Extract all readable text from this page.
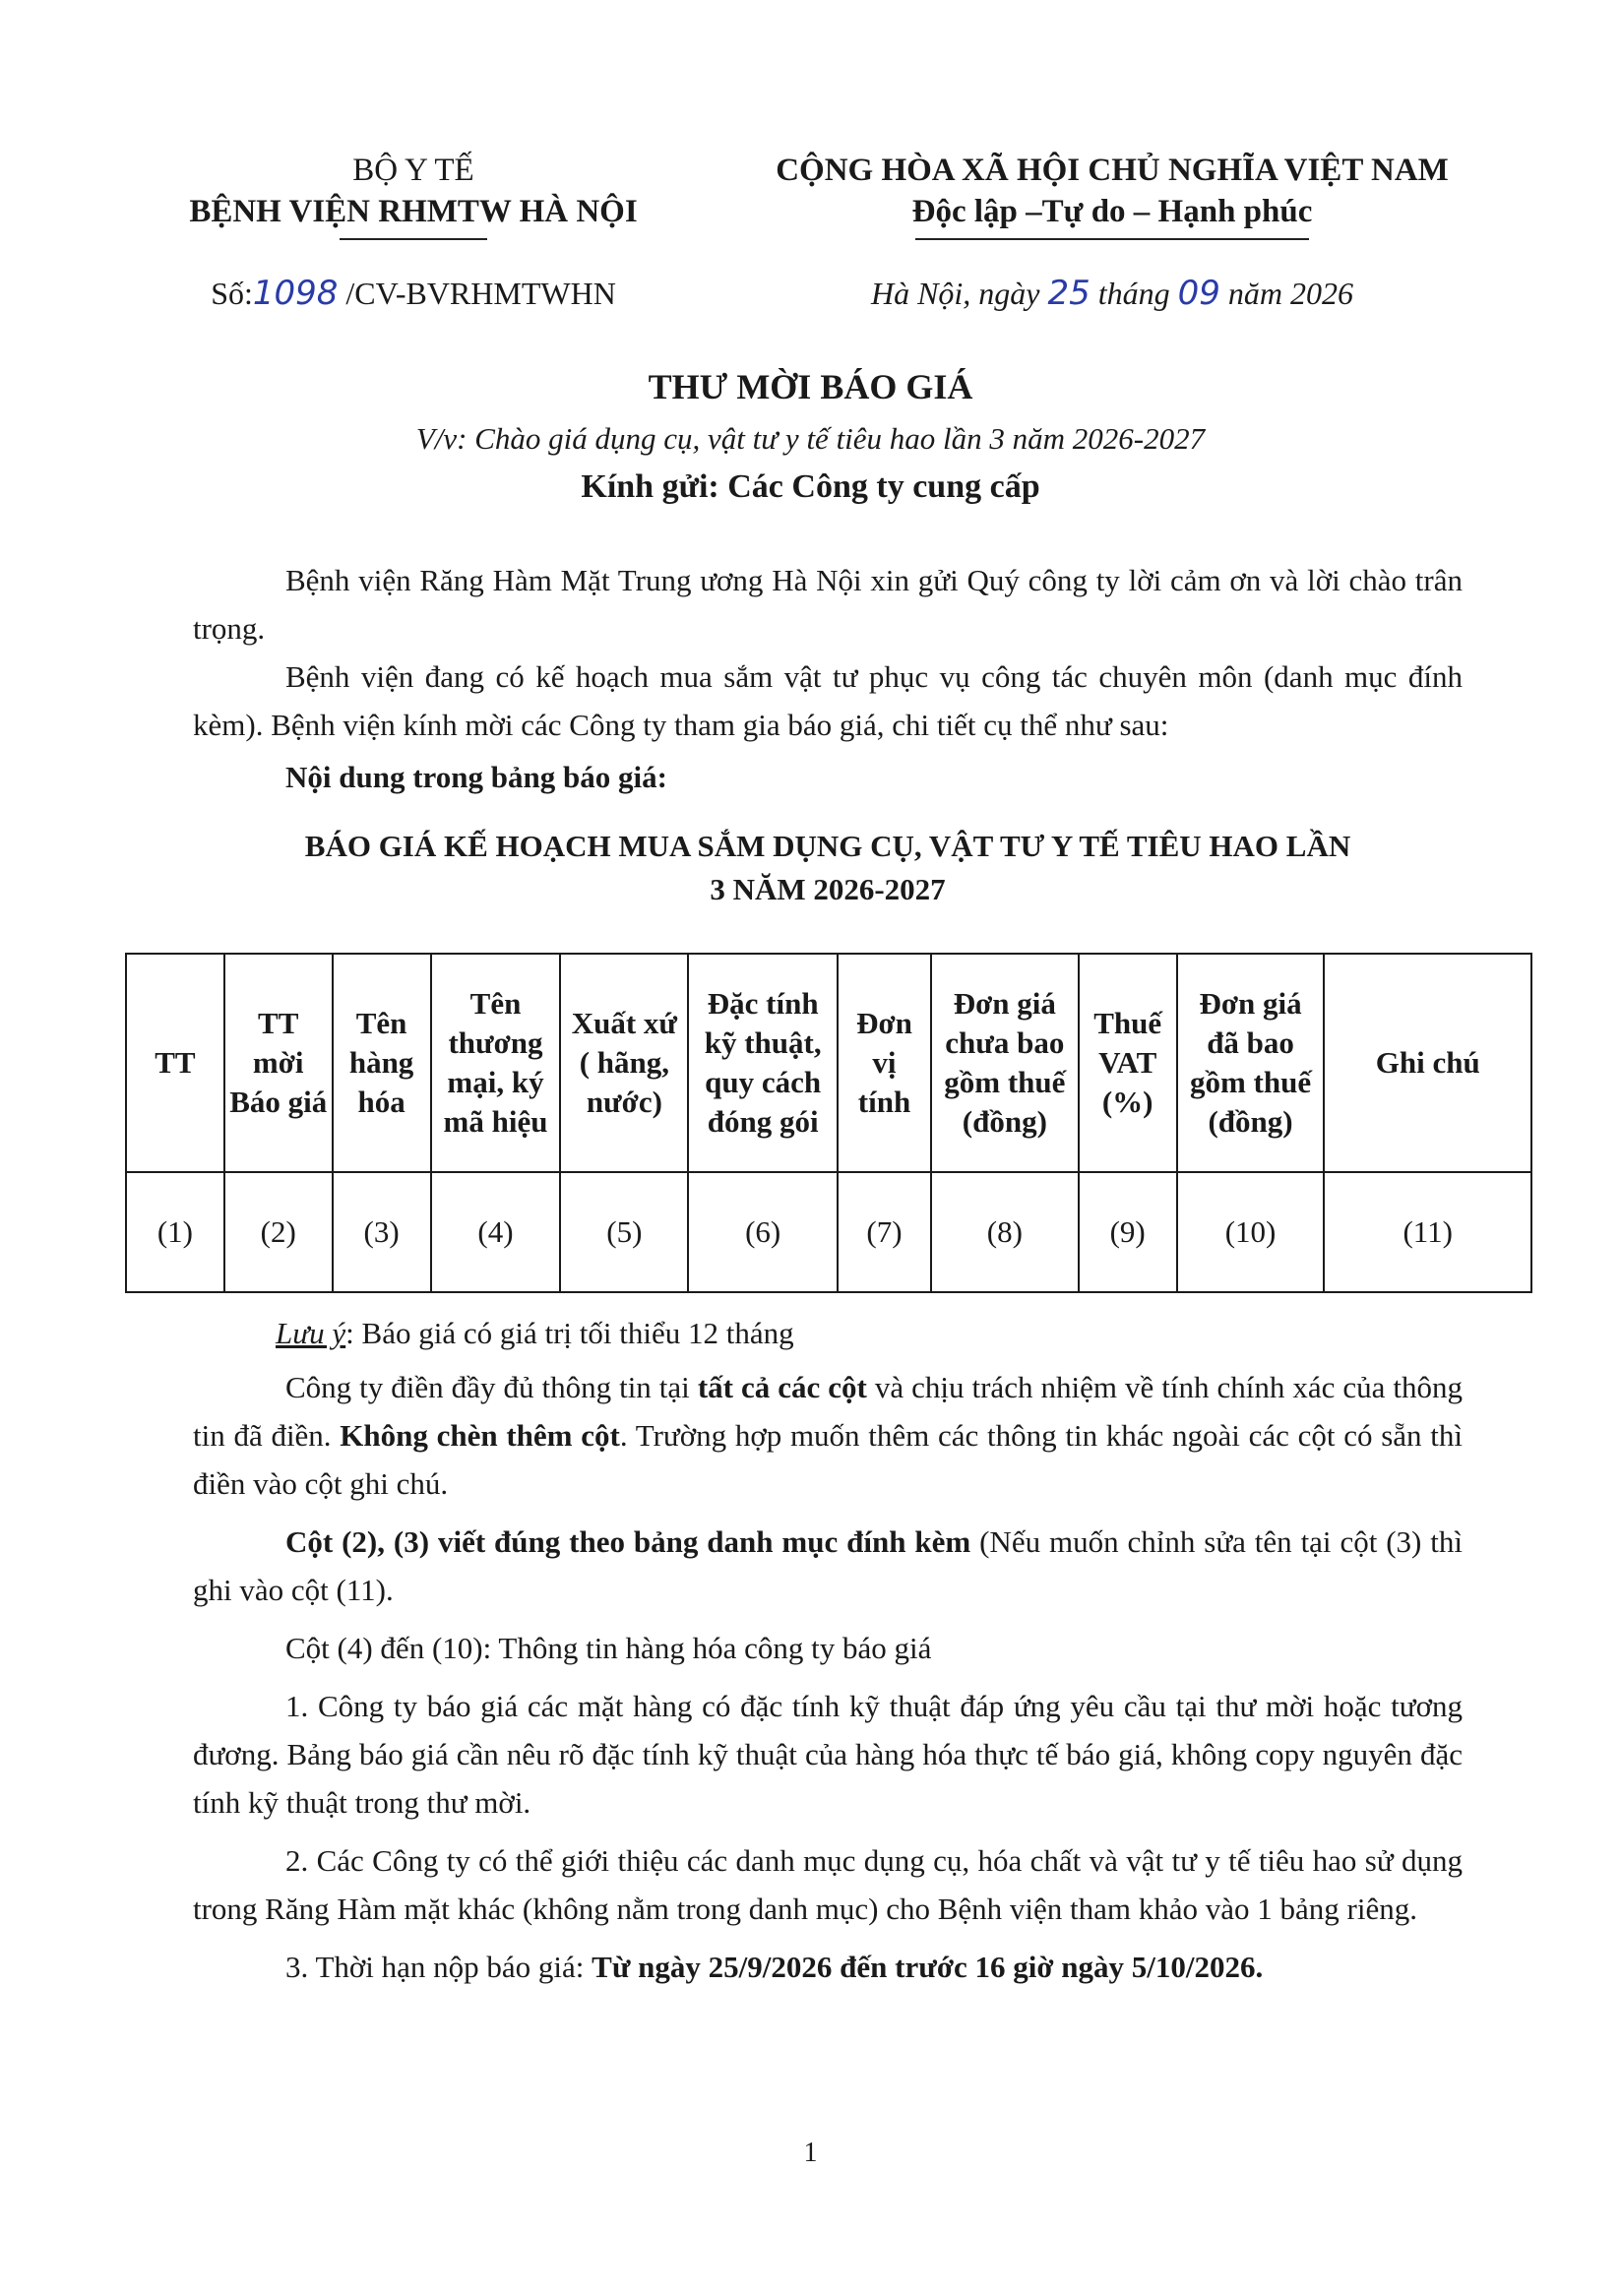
BỘ Y TẾ
BỆNH VIỆN RHMTW HÀ NỘI
CỘNG HÒA XÃ HỘI CHỦ NGHĨA VIỆT NAM
Độc lập –Tự do – Hạnh phúc
Số:1098 /CV-BVRHMTWHN	Hà Nội, ngày 25 tháng 09 năm 2026
THƯ MỜI BÁO GIÁ
V/v: Chào giá dụng cụ, vật tư y tế tiêu hao lần 3 năm 2026-2027
Kính gửi: Các Công ty cung cấp

Bệnh viện Răng Hàm Mặt Trung ương Hà Nội xin gửi Quý công ty lời cảm ơn và lời chào trân trọng.

Bệnh viện đang có kế hoạch mua sắm vật tư phục vụ công tác chuyên môn (danh mục đính kèm). Bệnh viện kính mời các Công ty tham gia báo giá, chi tiết cụ thể như sau:

Nội dung trong bảng báo giá:

BÁO GIÁ KẾ HOẠCH MUA SẮM DỤNG CỤ, VẬT TƯ Y TẾ TIÊU HAO LẦN
3 NĂM 2026-2027
TT	TT mời Báo giá	Tên hàng hóa	Tên thương mại, ký mã hiệu	Xuất xứ ( hãng, nước)	Đặc tính kỹ thuật, quy cách đóng gói	Đơn vị tính	Đơn giá chưa bao gồm thuế (đồng)	Thuế VAT (%)	Đơn giá đã bao gồm thuế (đồng)	Ghi chú
(1)	(2)	(3)	(4)	(5)	(6)	(7)	(8)	(9)	(10)	(11)

Lưu ý: Báo giá có giá trị tối thiểu 12 tháng

Công ty điền đầy đủ thông tin tại tất cả các cột và chịu trách nhiệm về tính chính xác của thông tin đã điền. Không chèn thêm cột. Trường hợp muốn thêm các thông tin khác ngoài các cột có sẵn thì điền vào cột ghi chú.

Cột (2), (3) viết đúng theo bảng danh mục đính kèm (Nếu muốn chỉnh sửa tên tại cột (3) thì ghi vào cột (11).

Cột (4) đến (10): Thông tin hàng hóa công ty báo giá

1. Công ty báo giá các mặt hàng có đặc tính kỹ thuật đáp ứng yêu cầu tại thư mời hoặc tương đương. Bảng báo giá cần nêu rõ đặc tính kỹ thuật của hàng hóa thực tế báo giá, không copy nguyên đặc tính kỹ thuật trong thư mời.

2. Các Công ty có thể giới thiệu các danh mục dụng cụ, hóa chất và vật tư y tế tiêu hao sử dụng trong Răng Hàm mặt khác (không nằm trong danh mục) cho Bệnh viện tham khảo vào 1 bảng riêng.

3. Thời hạn nộp báo giá: Từ ngày 25/9/2026 đến trước 16 giờ ngày 5/10/2026.

1
